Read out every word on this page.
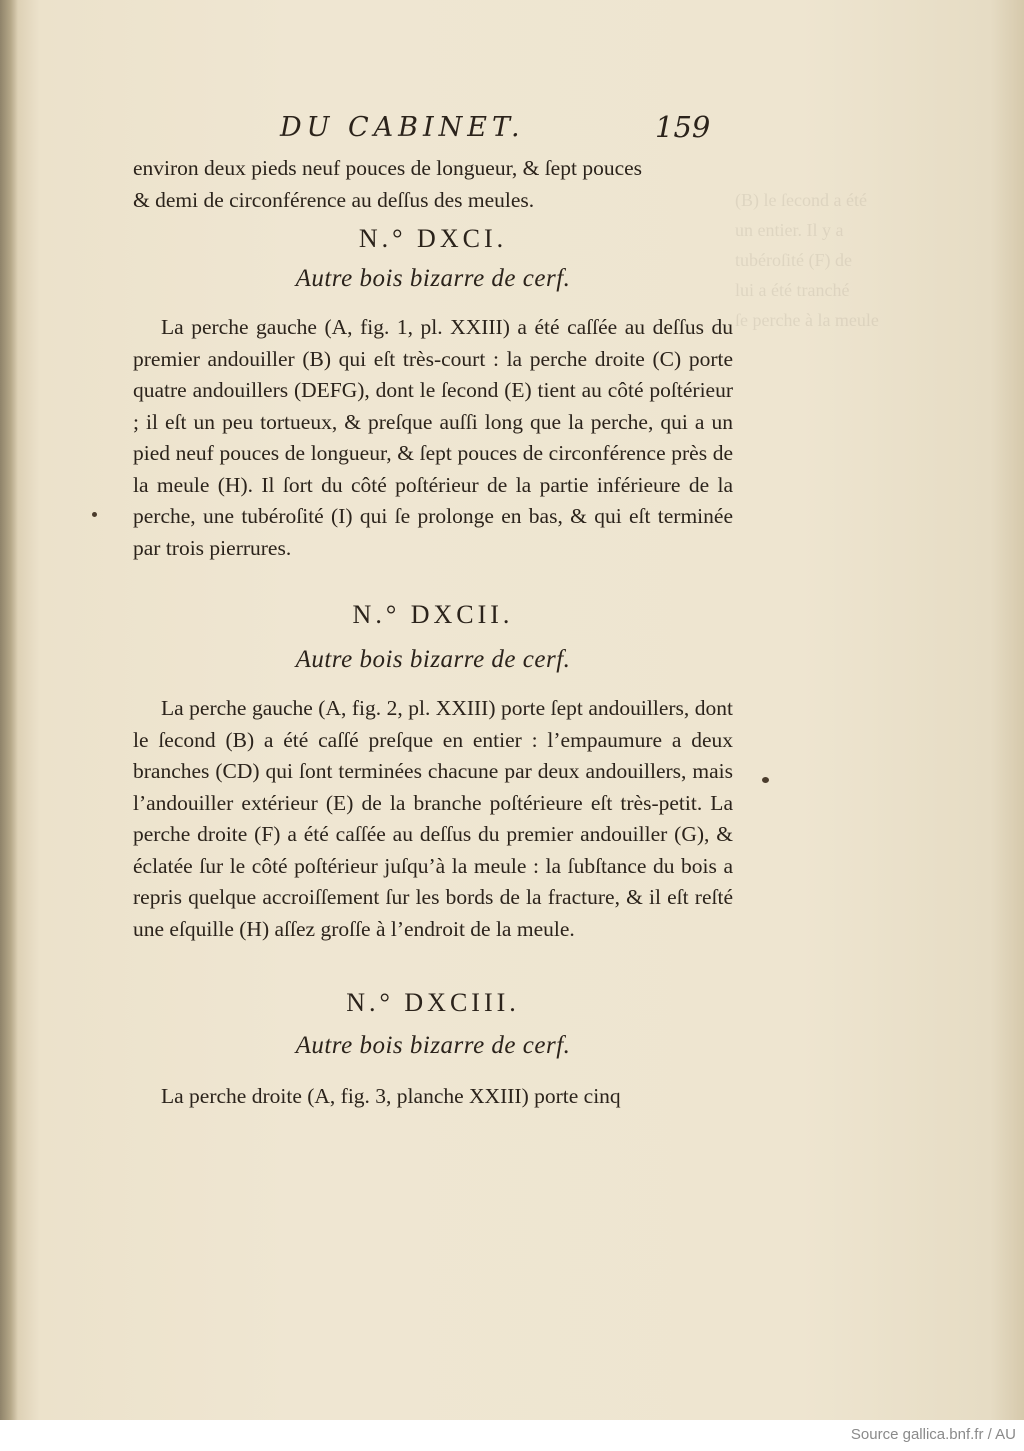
(B) le ſecond a été
un entier. Il y a
tubéroſité (F) de
lui a été tranché
ſe perche à la meule
DU CABINET.	159

environ deux pieds neuf pouces de longueur, & ſept pouces

& demi de circonférence au deſſus des meules.

N.° DXCI.
Autre bois bizarre de cerf.

La perche gauche (A, fig. 1, pl. XXIII) a été caſſée au deſſus du premier andouiller (B) qui eſt très-court : la perche droite (C) porte quatre andouillers (DEFG), dont le ſecond (E) tient au côté poſtérieur ; il eſt un peu tortueux, & preſque auſſi long que la perche, qui a un pied neuf pouces de longueur, & ſept pouces de circonférence près de la meule (H). Il ſort du côté poſtérieur de la partie inférieure de la perche, une tubéroſité (I) qui ſe prolonge en bas, & qui eſt terminée par trois pierrures.

N.° DXCII.
Autre bois bizarre de cerf.

La perche gauche (A, fig. 2, pl. XXIII) porte ſept andouillers, dont le ſecond (B) a été caſſé preſque en entier : l’empaumure a deux branches (CD) qui ſont terminées chacune par deux andouillers, mais l’andouiller extérieur (E) de la branche poſtérieure eſt très-petit. La perche droite (F) a été caſſée au deſſus du premier andouiller (G), & éclatée ſur le côté poſtérieur juſqu’à la meule : la ſubſtance du bois a repris quelque accroiſſement ſur les bords de la fracture, & il eſt reſté une eſquille (H) aſſez groſſe à l’endroit de la meule.

N.° DXCIII.
Autre bois bizarre de cerf.

La perche droite (A, fig. 3, planche XXIII) porte cinq

Source gallica.bnf.fr / AU
